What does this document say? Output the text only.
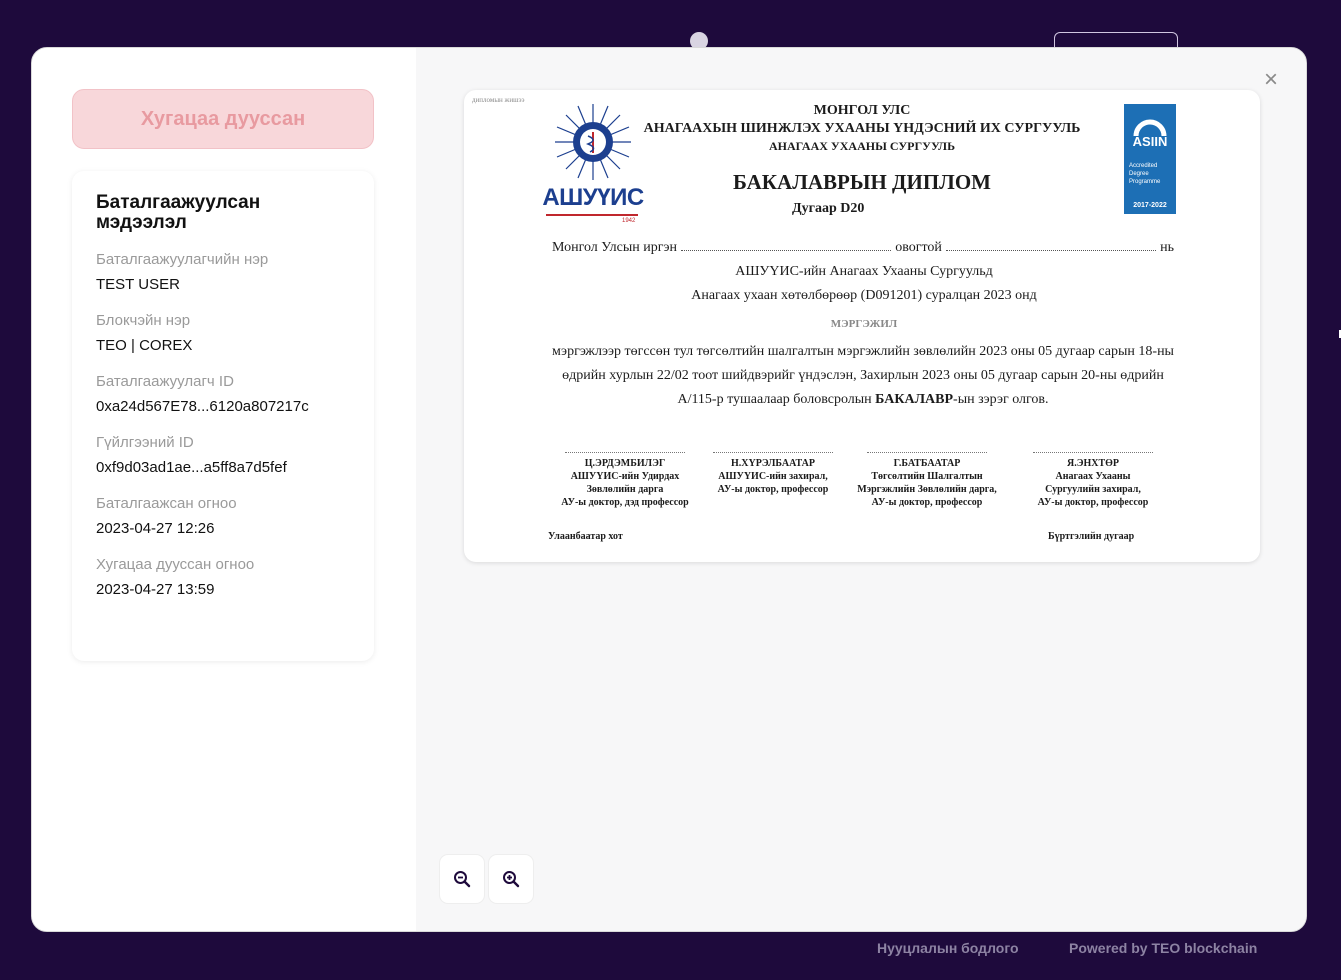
Нууцлалын бодлого	Powered by TEO blockchain
Хугацаа дууссан
Баталгаажуулсан мэдээлэл
Баталгаажуулагчийн нэр
TEST USER
Блокчэйн нэр
TEO | COREX
Баталгаажуулагч ID
0xa24d567E78...6120a807217c
Гүйлгээний ID
0xf9d03ad1ae...a5ff8a7d5fef
Баталгаажсан огноо
2023-04-27 12:26
Хугацаа дууссан огноо
2023-04-27 13:59
×
дипломын жишээ
АШУҮИС
1942
МОНГОЛ УЛС
АНАГААХЫН ШИНЖЛЭХ УХААНЫ ҮНДЭСНИЙ ИХ СУРГУУЛЬ
АНАГААХ УХААНЫ СУРГУУЛЬ
БАКАЛАВРЫН ДИПЛОМ
Дугаар D20
ASIIN
Accredited Degree Programme
2017-2022
Монгол Улсын иргэн	овогтой	нь
АШУҮИС-ийн Анагаах Ухааны Сургуульд
Анагаах ухаан хөтөлбөрөөр (D091201) суралцан 2023 онд
МЭРГЭЖИЛ
мэргэжлээр төгссөн тул төгсөлтийн шалгалтын мэргэжлийн зөвлөлийн 2023 оны 05 дугаар сарын 18-ны өдрийн хурлын 22/02 тоот шийдвэрийг үндэслэн, Захирлын 2023 оны 05 дугаар сарын 20-ны өдрийн А/115-р тушаалаар боловсролын БАКАЛАВР-ын зэрэг олгов.
Ц.ЭРДЭМБИЛЭГ
АШУҮИС-ийн Удирдах
Зөвлөлийн дарга
АУ-ы доктор, дэд профессор
Н.ХҮРЭЛБААТАР
АШУҮИС-ийн захирал,
АУ-ы доктор, профессор
Г.БАТБААТАР
Төгсөлтийн Шалгалтын
Мэргэжлийн Зөвлөлийн дарга,
АУ-ы доктор, профессор
Я.ЭНХТӨР
Анагаах Ухааны
Сургуулийн захирал,
АУ-ы доктор, профессор
Улаанбаатар хот	Бүртгэлийн дугаар
